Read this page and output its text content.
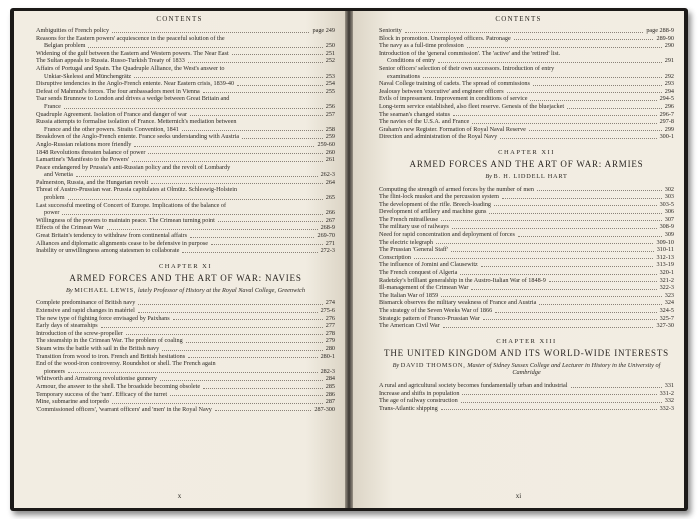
CONTENTS
Ambiguities of French policy	page 249
Reasons for the Eastern powers' acquiescence in the peaceful solution of the
Belgian problem	250
Widening of the gulf between the Eastern and Western powers. The Near East	251
The Sultan appeals to Russia. Russo-Turkish Treaty of 1833	252
Affairs of Portugal and Spain. The Quadruple Alliance, the West's answer to
Unkiar-Skelessi and Münchengrätz	253
Disruptive tendencies in the Anglo-French entente. Near Eastern crisis, 1839-40	254
Defeat of Mahmud's forces. The four ambassadors meet in Vienna	255
Tsar sends Brunnow to London and drives a wedge between Great Britain and
France	256
Quadruple Agreement. Isolation of France and danger of war	257
Russia attempts to formalise isolation of France. Metternich's mediation between
France and the other powers. Straits Convention, 1841	258
Breakdown of the Anglo-French entente. France seeks understanding with Austria	259
Anglo-Russian relations more friendly	259-60
1848 Revolutions threaten balance of power	260
Lamartine's 'Manifesto to the Powers'	261
Peace endangered by Prussia's anti-Russian policy and the revolt of Lombardy
and Venetia	262-3
Palmerston, Russia, and the Hungarian revolt	264
Threat of Austro-Prussian war. Prussia capitulates at Olmütz. Schleswig-Holstein
problem	265
Last successful meeting of Concert of Europe. Implications of the balance of
power	266
Willingness of the powers to maintain peace. The Crimean turning point	267
Effects of the Crimean War	268-9
Great Britain's tendency to withdraw from continental affairs	269-70
Alliances and diplomatic alignments cease to be defensive in purpose	271
Inability or unwillingness among statesmen to collaborate	272-3
CHAPTER XI
ARMED FORCES AND THE ART OF WAR: NAVIES
By MICHAEL LEWIS, lately Professor of History at the Royal Naval College, Greenwich
Complete predominance of British navy	274
Extensive and rapid changes in matériel	275-6
The new type of fighting force envisaged by Paixhans	276
Early days of steamships	277
Introduction of the screw-propeller	278
The steamship in the Crimean War. The problem of coaling	279
Steam wins the battle with sail in the British navy	280
Transition from wood to iron. French and British hesitations	280-1
End of the wood-iron controversy. Roundshot or shell. The French again
pioneers	282-3
Whitworth and Armstrong revolutionise gunnery	284
Armour, the answer to the shell. The broadside becoming obsolete	285
Temporary success of the 'ram'. Efficacy of the turret	286
Mine, submarine and torpedo	287
'Commissioned officers', 'warrant officers' and 'men' in the Royal Navy	287-300
x
CONTENTS
Seniority	page 288-9
Block in promotion. Unemployed officers. Patronage	289-90
The navy as a full-time profession	290
Introduction of the 'general commission'. The 'active' and the 'retired' list.
Conditions of entry	291
Senior officers' selection of their own successors. Introduction of entry
examinations	292
Naval College training of cadets. The spread of commissions	293
Jealousy between 'executive' and engineer officers	294
Evils of impressment. Improvement in conditions of service	294-5
Long-term service established, also fleet reserve. Genesis of the bluejacket	296
The seaman's changed status	296-7
The navies of the U.S.A. and France	297-8
Graham's new Register. Formation of Royal Naval Reserve	299
Direction and administration of the Royal Navy	300-1
CHAPTER XII
ARMED FORCES AND THE ART OF WAR: ARMIES
By B. H. LIDDELL HART
Computing the strength of armed forces by the number of men	302
The flint-lock musket and the percussion system	303
The development of the rifle. Breech-loading	303-5
Development of artillery and machine guns	306
The French mitrailleuse	307
The military use of railways	308-9
Need for rapid concentration and deployment of forces	309
The electric telegraph	309-10
The Prussian 'General Staff'	310-11
Conscription	312-13
The influence of Jomini and Clausewitz	313-19
The French conquest of Algeria	320-1
Radetzky's brilliant generalship in the Austro-Italian War of 1848-9	321-2
Ill-management of the Crimean War	322-3
The Italian War of 1859	323
Bismarck observes the military weakness of France and Austria	324
The strategy of the Seven Weeks War of 1866	324-5
Strategic pattern of Franco-Prussian War	325-7
The American Civil War	327-30
CHAPTER XIII
THE UNITED KINGDOM AND ITS WORLD-WIDE INTERESTS
By DAVID THOMSON, Master of Sidney Sussex College and Lecturer in History in the University of Cambridge
A rural and agricultural society becomes fundamentally urban and industrial	331
Increase and shifts in population	331-2
The age of railway construction	332
Trans-Atlantic shipping	332-3
xi
